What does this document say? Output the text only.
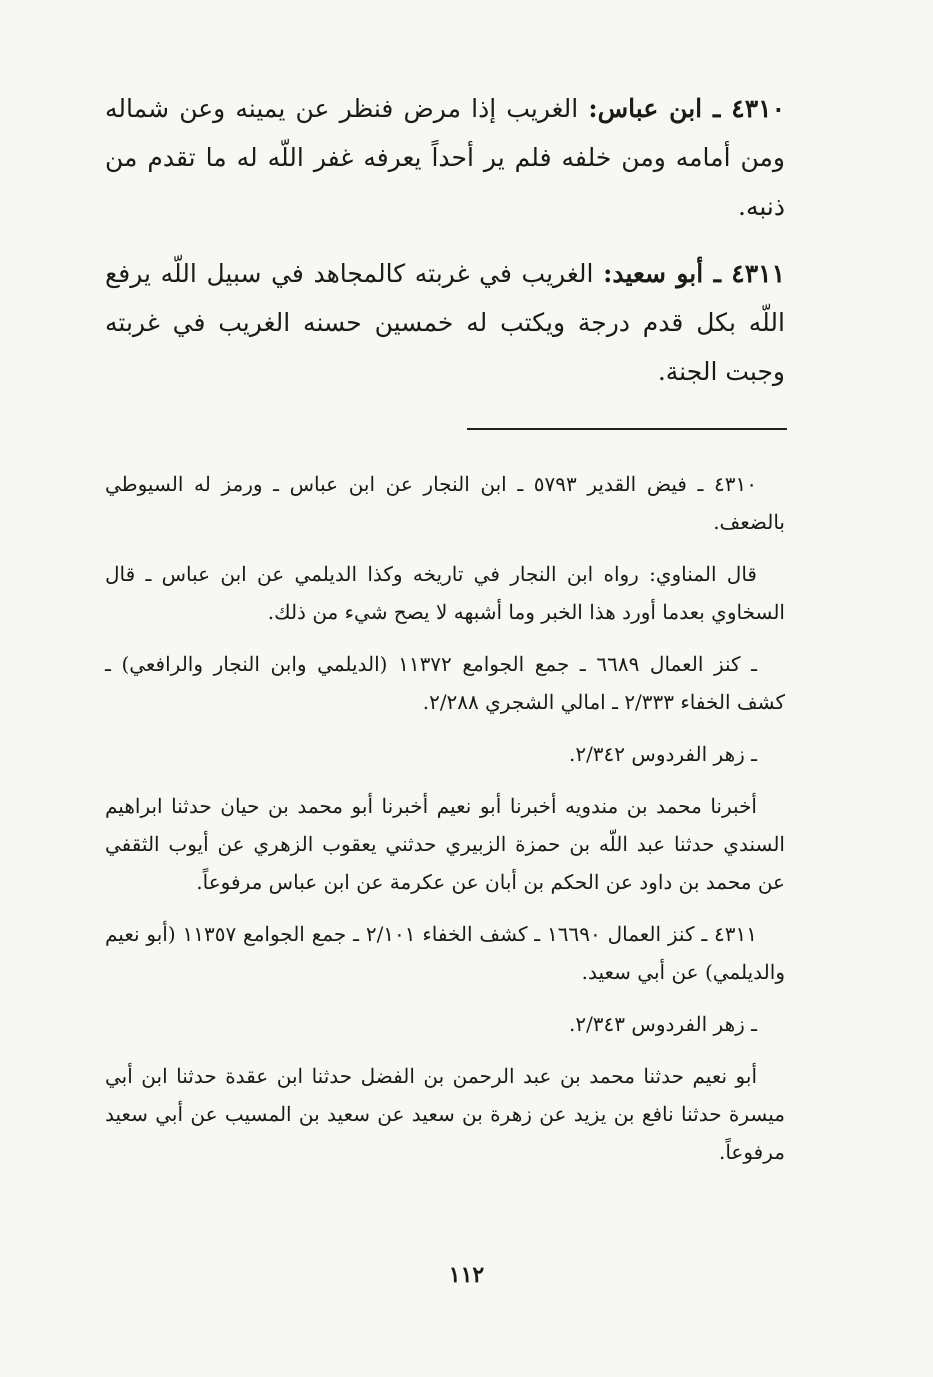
٤٣١٠ ـ ابن عباس: الغريب إذا مرض فنظر عن يمينه وعن شماله ومن أمامه ومن خلفه فلم ير أحداً يعرفه غفر اللّه له ما تقدم من ذنبه.

٤٣١١ ـ أبو سعيد: الغريب في غربته كالمجاهد في سبيل اللّه يرفع اللّه بكل قدم درجة ويكتب له خمسين حسنه الغريب في غربته وجبت الجنة.

٤٣١٠ ـ فيض القدير ٥٧٩٣ ـ ابن النجار عن ابن عباس ـ ورمز له السيوطي بالضعف.

قال المناوي: رواه ابن النجار في تاريخه وكذا الديلمي عن ابن عباس ـ قال السخاوي بعدما أورد هذا الخبر وما أشبهه لا يصح شيء من ذلك.

ـ كنز العمال ٦٦٨٩ ـ جمع الجوامع ١١٣٧٢ (الديلمي وابن النجار والرافعي) ـ كشف الخفاء ٢/٣٣٣ ـ امالي الشجري ٢/٢٨٨.

ـ زهر الفردوس ٢/٣٤٢.

أخبرنا محمد بن مندويه أخبرنا أبو نعيم أخبرنا أبو محمد بن حيان حدثنا ابراهيم السندي حدثنا عبد اللّه بن حمزة الزبيري حدثني يعقوب الزهري عن أيوب الثقفي عن محمد بن داود عن الحكم بن أبان عن عكرمة عن ابن عباس مرفوعاً.

٤٣١١ ـ كنز العمال ١٦٦٩٠ ـ كشف الخفاء ٢/١٠١ ـ جمع الجوامع ١١٣٥٧ (أبو نعيم والديلمي) عن أبي سعيد.

ـ زهر الفردوس ٢/٣٤٣.

أبو نعيم حدثنا محمد بن عبد الرحمن بن الفضل حدثنا ابن عقدة حدثنا ابن أبي ميسرة حدثنا نافع بن يزيد عن زهرة بن سعيد عن سعيد بن المسيب عن أبي سعيد مرفوعاً.

١١٢
